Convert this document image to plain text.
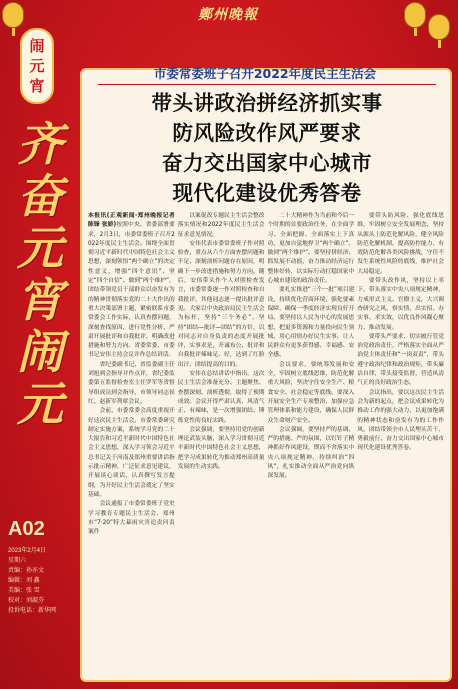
鄭州晚報
闹
元
宵
齐
奋
元
宵
闹
元
A02
2023年2月4日
星期六
责编：孙亦文
编辑：刘 鑫
美编：张 雪
校对：刘淑芬
投诉电话：新华网
市委常委班子召开2022年度民主生活会
带头讲政治拼经济抓实事
防风险改作风严要求
奋力交出国家中心城市
现代化建设优秀答卷

本报讯(正观新闻·郑州晚报记者 陈锋 张娇)按照中央、省委部署要求，2月3日，市委常委班子召开2022年度民主生活会。围绕全面贯彻习近平新时代中国特色社会主义思想，深刻领悟“两个确立”的决定性意义，增强“四个意识”、坚定“四个自信”、做到“两个维护”，团结带领党员干部群众以奋发有为的精神贯彻落实党的二十大作出的重大决策部署主题，紧密联系市委常委会工作实际，认真查摆问题，深刻查找原因，进行党性分析，严肃开展批评和自我批评，明确改进措施和努力方向。省委常委、市委书记安伟主持会议并作总结讲话。

省纪委副书记、省监委副主任刘旭到会指导并作点评，省纪委监委第五监督检查室主任罗军等省督导组成员到会指导，市领导同志侯红、赵新军列席会议。

会前，市委常委会高度重视开好这次民主生活会，市委常委研究制定实施方案，系统学习党的二十大报告和习近平新时代中国特色社会主义思想，深入学习领会习近平总书记关于河南及郑州重要讲话指示批示精神，广泛征求意见建议，开展谈心谈话，认真撰写发言提纲，为开好民主生活会奠定了坚实基础。

会议通报了市委常委班子党史学习教育专题民主生活会、郑州市“7·20”特大暴雨灾害追责问责案件

以案促改专题民主生活会整改落实情况和2022年度民主生活会征求意见情况。

安伟代表市委常委班子作对照检查，重点从六个方面查摆问题和不足，深刻剖析问题存在原因，明确下一步改进措施和努力方向。随后，安伟带头作个人对照检查发言，市委常委逐一作对照检查和自我批评，其他同志逐一提出批评意见。大家以中央政治局民主生活会为标杆，坚持“三个务必”，坚持“团结—批评—团结”的方针，以对同志对自身负责的态度开展批评，实事求是，开诚布公，批评和自我批评辣味足、好，达到了红脸出汗、团结提高的目的。

安伟在总结讲话中指出，这次民主生活会准备充分、主题聚焦、查摆深刻、剖析透彻，取得了预期成效。会议开得严肃认真、风清气正、有辣味，是一次增强团结、锤炼党性的良好实践。

会议强调，要坚持用党的创新理论武装头脑，深入学习贯彻习近平新时代中国特色社会主义思想，把学习成果转化为推动郑州高质量发展的生动实践。

二十大精神作为当前和今后一个时期的首要政治任务，在全面学习、全面把握、全面落实上下真功，更加自觉地捍卫“两个确立”、做到“两个维护”。要坚持拼经济、抓发展不动摇，奋力推动经济运行整体好转，以实际行动扛稳国家中心城市建设的政治责任。

要扎实推进“三个一批”项目建设，持续优化营商环境，强化要素保障，确保一季度经济实现良好开局。要坚持以人民为中心的发展思想，把更多资源和力量投向民生领域，用心用情办好民生实事，让人民群众有更多获得感、幸福感、安全感。

会议要求，要统筹发展和安全，牢固树立底线思维，防范化解重大风险，坚决守住安全生产、粮食安全、社会稳定等底线。要深入开展安全生产专项整治，加强应急管理体系和能力建设，确保人民群众生命财产安全。

会议强调，要坚持严的基调、严的措施、严的氛围，以钉钉子精神抓好作风建设，锲而不舍落实中央八项规定精神，持续纠治“四风”，扎实推动全面从严治党向纵深发展。

要带头防风险、强化底线思维，牢固树立安全发展理念，坚持从源头上防范化解风险，健全风险防范化解机制，提高防控能力，有效防范化解各类风险挑战，守住不发生系统性风险的底线，维护社会大局稳定。

要带头改作风，坚持以上率下，带头落实中央八项规定精神，力戒形式主义、官僚主义，大兴调查研究之风，察实情、出实招、办实事、求实效，以优良作风凝心聚力、推动发展。

要带头严要求，切实履行管党治党政治责任，严格落实全面从严治党主体责任和“一岗双责”，带头遵守政治纪律和政治规矩，带头廉洁自律，带头接受监督，营造风清气正的良好政治生态。

会议指出，要以这次民主生活会为新的起点，把会议成果转化为推动工作的强大动力，以更加饱满的精神状态和奋发有为的工作作风，团结带领全市人民埋头苦干、勇毅前行，奋力交出国家中心城市现代化建设优秀答卷。
